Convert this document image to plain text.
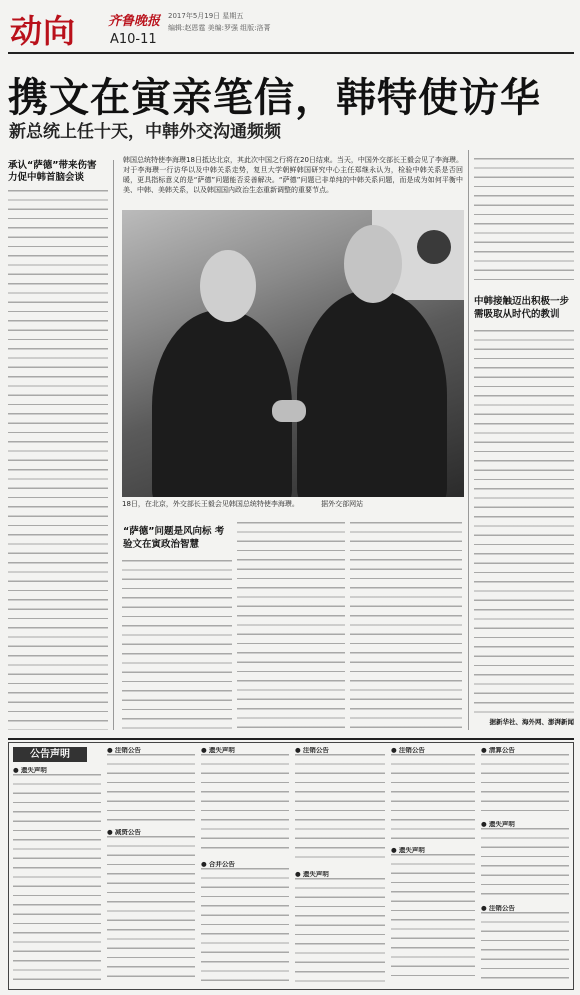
动向 齐鲁晚报 2017年5月19日 星期五
编辑:赵恩霆 美编:罗强 组版:洛菁
A10-11
携文在寅亲笔信，韩特使访华
新总统上任十天，中韩外交沟通频频
承认“萨德”带来伤害 力促中韩首脑会谈
韩国总统特使李海瓒18日抵达北京，其此次中国之行将在20日结束。当天，中国外交部长王毅会见了李海瓒。对于李海瓒一行访华以及中韩关系走势，复旦大学朝鲜韩国研究中心主任郑继永认为，检验中韩关系是否回暖，更具指标意义的是“萨德”问题能否妥善解决。“萨德”问题已非单纯的中韩关系问题，而是成为如何平衡中美、中韩、美韩关系，以及韩国国内政治生态重新调整的重要节点。
18日，在北京，外交部长王毅会见韩国总统特使李海瓒。	据外交部网站
“萨德”问题是风向标 考验文在寅政治智慧
中韩接触迈出积极一步 需吸取从时代的教训
据新华社、海外网、澎湃新闻
公告声明
● 遗失声明
● 注销公告
● 减资公告
● 遗失声明
● 合并公告
● 注销公告
● 遗失声明
● 注销公告
● 遗失声明
● 清算公告
● 遗失声明
● 注销公告
